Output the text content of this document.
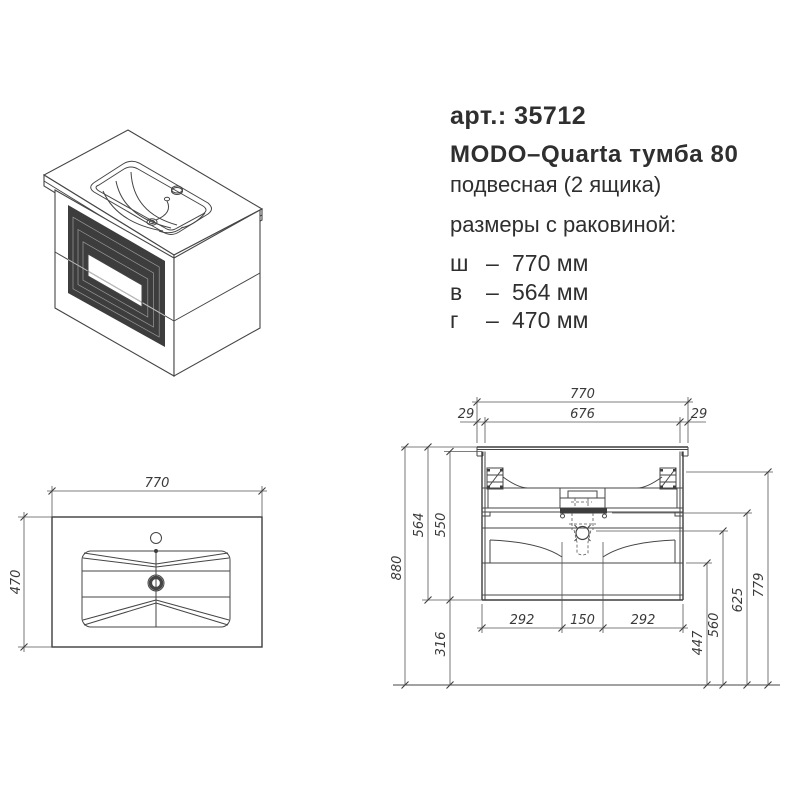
арт.: 35712
MODO–Quarta тумба 80
подвесная (2 ящика)
размеры с раковиной:
ш – 770 мм
в	– 564 мм
г	– 470 мм
770
470
770
676
29	29
880
564 550
316
292	150	292
447
560
625
779
